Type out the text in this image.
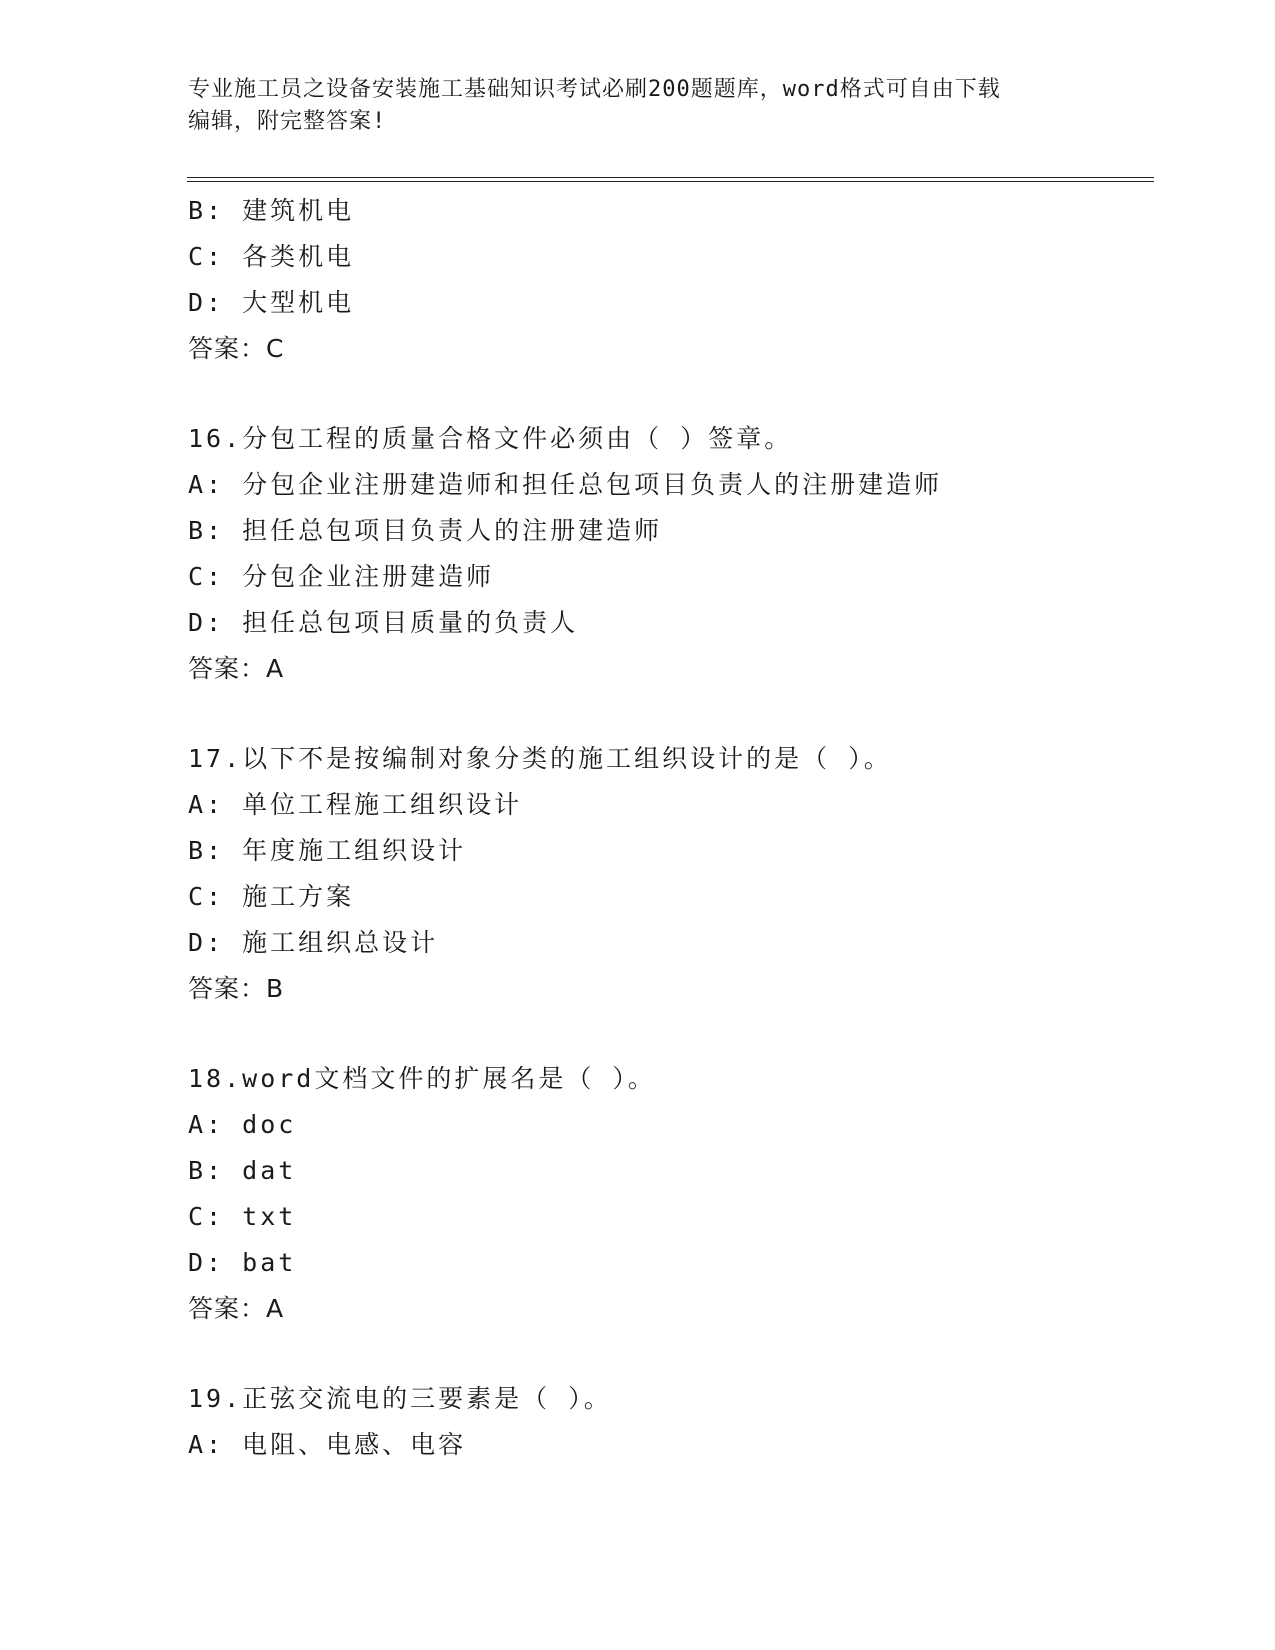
专业施工员之设备安装施工基础知识考试必刷200题题库，word格式可自由下载
编辑，附完整答案!
B: 建筑机电
C: 各类机电
D: 大型机电
答案：C
16.分包工程的质量合格文件必须由（ ）签章。
A: 分包企业注册建造师和担任总包项目负责人的注册建造师
B: 担任总包项目负责人的注册建造师
C: 分包企业注册建造师
D: 担任总包项目质量的负责人
答案：A
17.以下不是按编制对象分类的施工组织设计的是（ ）。
A: 单位工程施工组织设计
B: 年度施工组织设计
C: 施工方案
D: 施工组织总设计
答案：B
18.word文档文件的扩展名是（ ）。
A: doc
B: dat
C: txt
D: bat
答案：A
19.正弦交流电的三要素是（ ）。
A: 电阻、电感、电容
